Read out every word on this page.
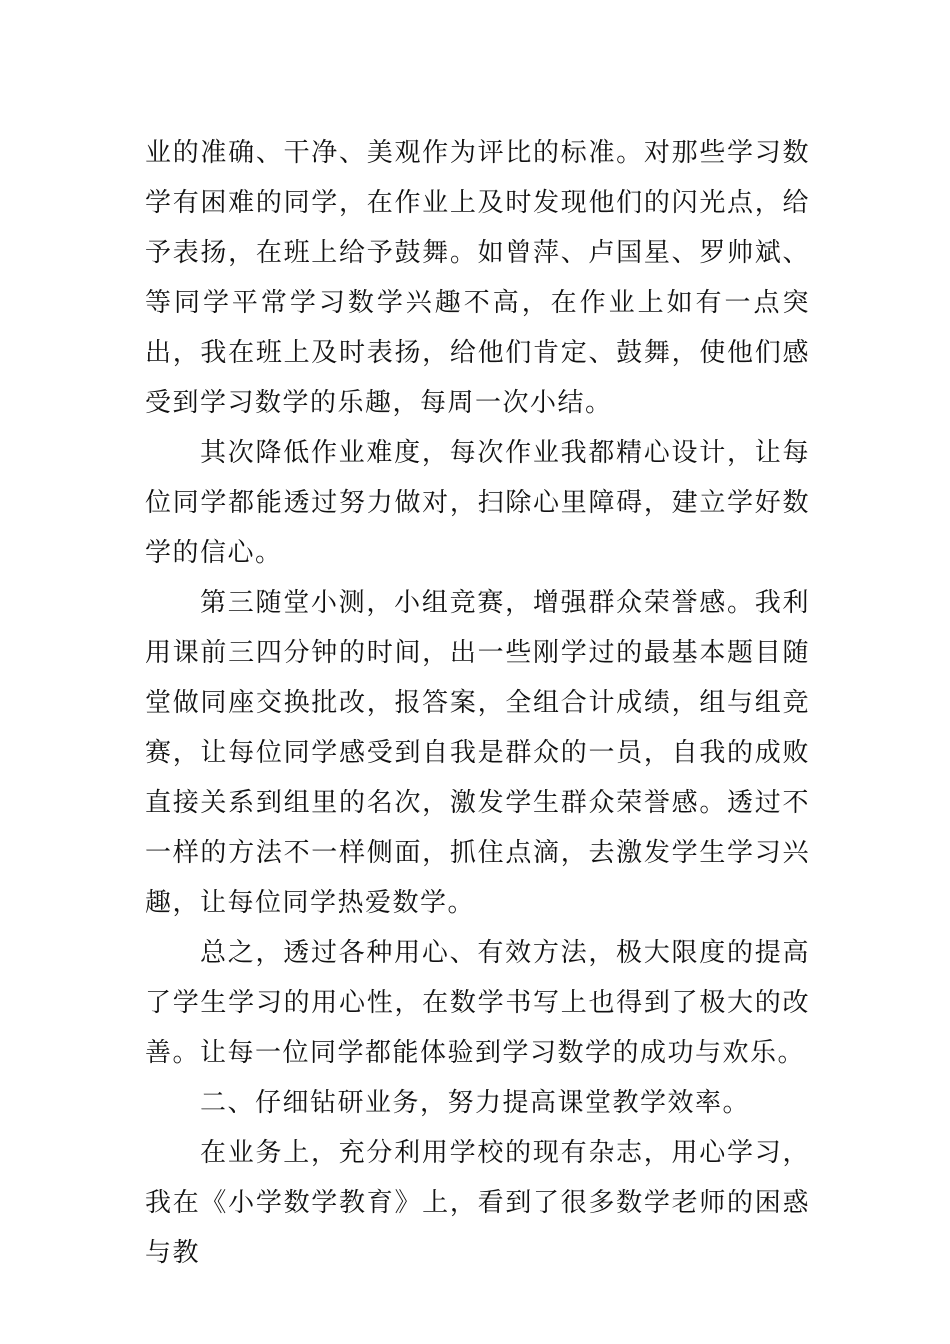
业的准确、干净、美观作为评比的标准。对那些学习数学有困难的同学，在作业上及时发现他们的闪光点，给予表扬，在班上给予鼓舞。如曾萍、卢国星、罗帅斌、等同学平常学习数学兴趣不高，在作业上如有一点突出，我在班上及时表扬，给他们肯定、鼓舞，使他们感受到学习数学的乐趣，每周一次小结。

其次降低作业难度，每次作业我都精心设计，让每位同学都能透过努力做对，扫除心里障碍，建立学好数学的信心。

第三随堂小测，小组竞赛，增强群众荣誉感。我利用课前三四分钟的时间，出一些刚学过的最基本题目随堂做同座交换批改，报答案，全组合计成绩，组与组竞赛，让每位同学感受到自我是群众的一员，自我的成败直接关系到组里的名次，激发学生群众荣誉感。透过不一样的方法不一样侧面，抓住点滴，去激发学生学习兴趣，让每位同学热爱数学。

总之，透过各种用心、有效方法，极大限度的提高了学生学习的用心性，在数学书写上也得到了极大的改善。让每一位同学都能体验到学习数学的成功与欢乐。

二、仔细钻研业务，努力提高课堂教学效率。

在业务上，充分利用学校的现有杂志，用心学习，我在《小学数学教育》上，看到了很多数学老师的困惑与教
